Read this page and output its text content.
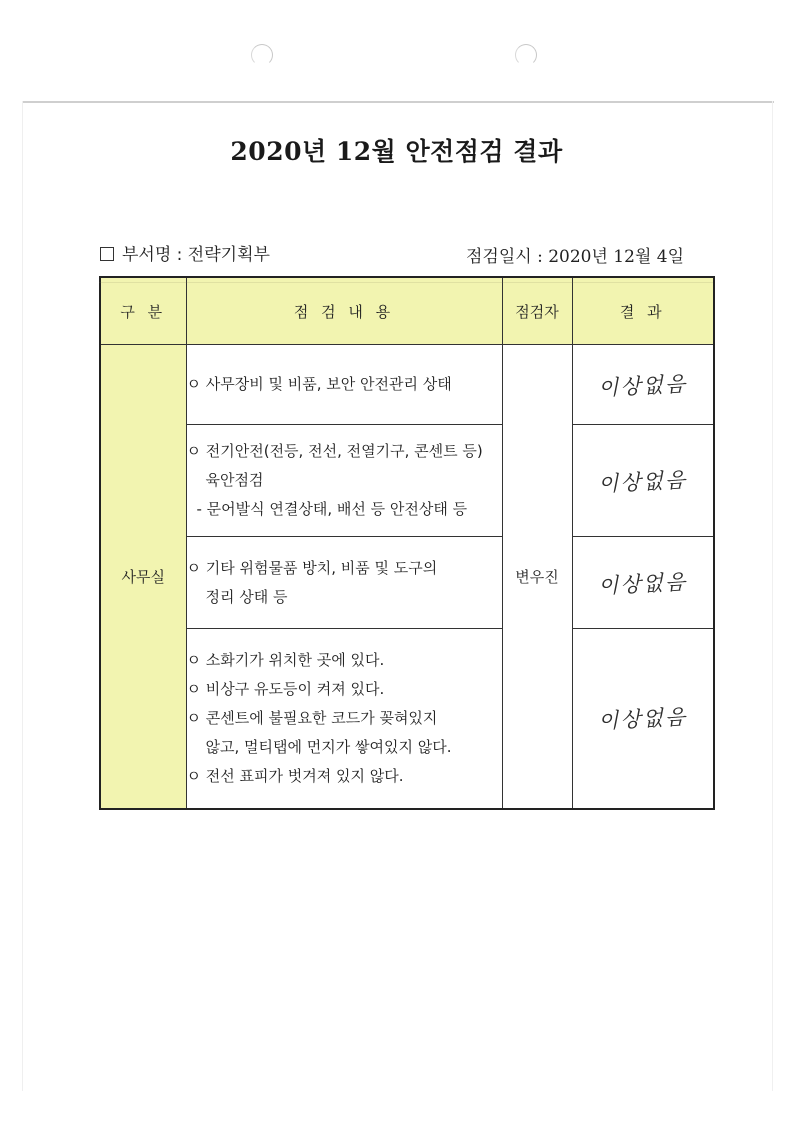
2020년 12월 안전점검 결과
부서명 : 전략기획부	점검일시 : 2020년 12월 4일
구 분	점 검 내 용	점검자	결 과
사무실	ㅇ 사무장비 및 비품, 보안 안전관리 상태	변우진	이상없음

	ㅇ 전기안전(전등, 전선, 전열기구, 콘센트 등)
육안점검
- 문어발식 연결상태, 배선 등 안전상태 등		이상없음

	ㅇ 기타 위험물품 방치, 비품 및 도구의
정리 상태 등		이상없음

	ㅇ 소화기가 위치한 곳에 있다.
ㅇ 비상구 유도등이 켜져 있다.
ㅇ 콘센트에 불필요한 코드가 꽂혀있지
않고, 멀티탭에 먼지가 쌓여있지 않다.
ㅇ 전선 표피가 벗겨져 있지 않다.		이상없음
